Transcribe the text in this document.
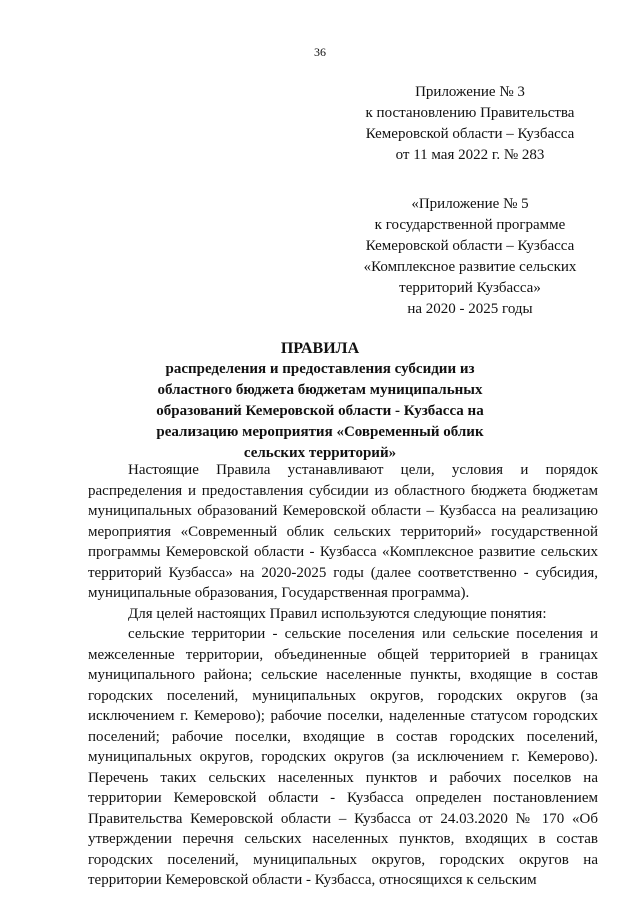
36
Приложение № 3
к постановлению Правительства
Кемеровской области – Кузбасса
от 11 мая 2022 г. № 283
«Приложение № 5
к государственной программе
Кемеровской области – Кузбасса
«Комплексное развитие сельских
территорий Кузбасса»
на 2020 - 2025 годы
ПРАВИЛА
распределения и предоставления субсидии из
областного бюджета бюджетам муниципальных
образований Кемеровской области - Кузбасса на
реализацию мероприятия «Современный облик
сельских территорий»

Настоящие Правила устанавливают цели, условия и порядок распределения и предоставления субсидии из областного бюджета бюджетам муниципальных образований Кемеровской области – Кузбасса на реализацию мероприятия «Современный облик сельских территорий» государственной программы Кемеровской области - Кузбасса «Комплексное развитие сельских территорий Кузбасса» на 2020-2025 годы (далее соответственно - субсидия, муниципальные образования, Государственная программа).

Для целей настоящих Правил используются следующие понятия:

сельские территории - сельские поселения или сельские поселения и межселенные территории, объединенные общей территорией в границах муниципального района; сельские населенные пункты, входящие в состав городских поселений, муниципальных округов, городских округов (за исключением г. Кемерово); рабочие поселки, наделенные статусом городских поселений; рабочие поселки, входящие в состав городских поселений, муниципальных округов, городских округов (за исключением г. Кемерово). Перечень таких сельских населенных пунктов и рабочих поселков на территории Кемеровской области - Кузбасса определен постановлением Правительства Кемеровской области – Кузбасса от 24.03.2020 № 170 «Об утверждении перечня сельских населенных пунктов, входящих в состав городских поселений, муниципальных округов, городских округов на территории Кемеровской области - Кузбасса, относящихся к сельским
